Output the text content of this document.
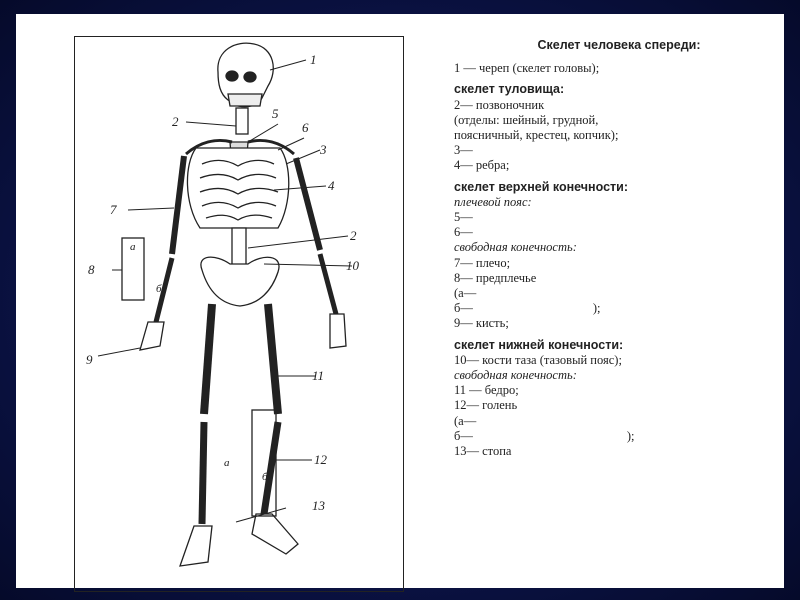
1
2
5
6
3
4
7
2
10
8
9
11
12
13
а
б
а
б
Скелет человека спереди:
1 — череп (скелет головы);
скелет туловища:
2— позвоночник
(отделы: шейный, грудной,
поясничный, крестец, копчик);
3—
4— ребра;
скелет верхней конечности:
плечевой пояс:
5—
6—
свободная конечность:
7— плечо;
8— предплечье
(а—
б—	);
9— кисть;
скелет нижней конечности:
10— кости таза (тазовый пояс);
свободная конечность:
11 — бедро;
12— голень
(а—
б—	);
13— стопа
